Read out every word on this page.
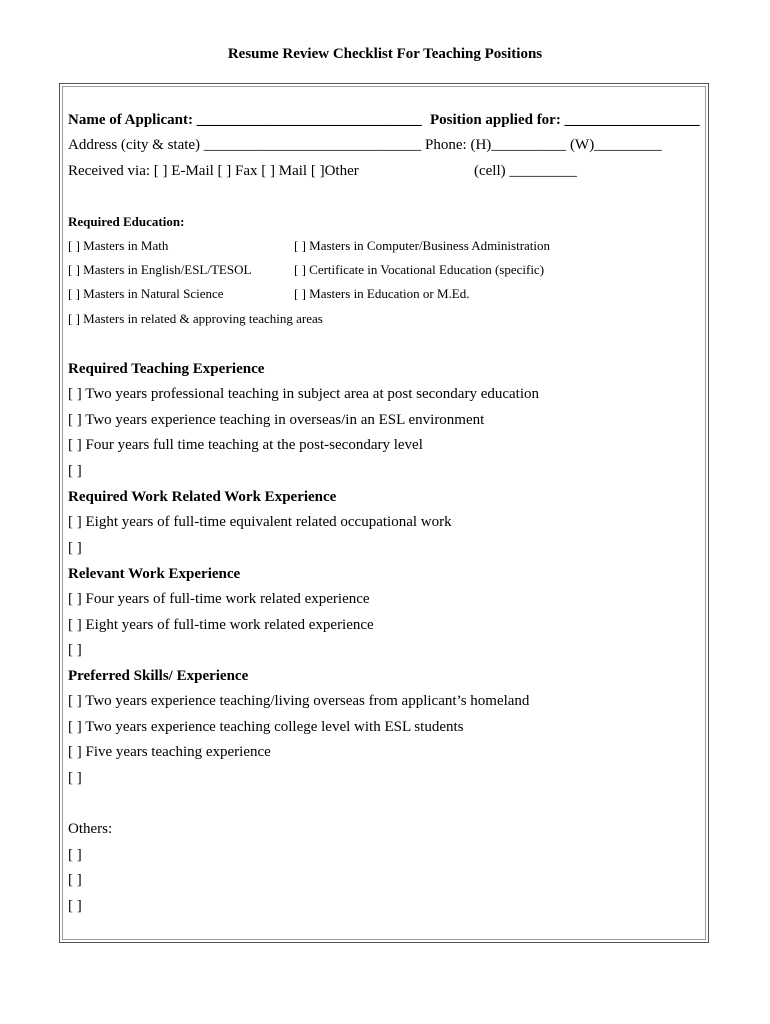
Resume Review Checklist For Teaching Positions
Name of Applicant: ______________________________ Position applied for: __________________
Address (city & state) _____________________________ Phone: (H)__________ (W)_________
Received via: [ ] E-Mail [ ] Fax [ ] Mail [ ]Other	(cell) _________
Required Education:
[ ] Masters in Math	[ ] Masters in Computer/Business Administration
[ ] Masters in English/ESL/TESOL	[ ] Certificate in Vocational Education (specific)
[ ] Masters in Natural Science	[ ] Masters in Education or M.Ed.
[ ] Masters in related & approving teaching areas
Required Teaching Experience
[ ] Two years professional teaching in subject area at post secondary education
[ ] Two years experience teaching in overseas/in an ESL environment
[ ] Four years full time teaching at the post-secondary level
[ ]
Required Work Related Work Experience
[ ] Eight years of full-time equivalent related occupational work
[ ]
Relevant Work Experience
[ ] Four years of full-time work related experience
[ ] Eight years of full-time work related experience
[ ]
Preferred Skills/ Experience
[ ] Two years experience teaching/living overseas from applicant’s homeland
[ ] Two years experience teaching college level with ESL students
[ ] Five years teaching experience
[ ]
Others:
[ ]
[ ]
[ ]
